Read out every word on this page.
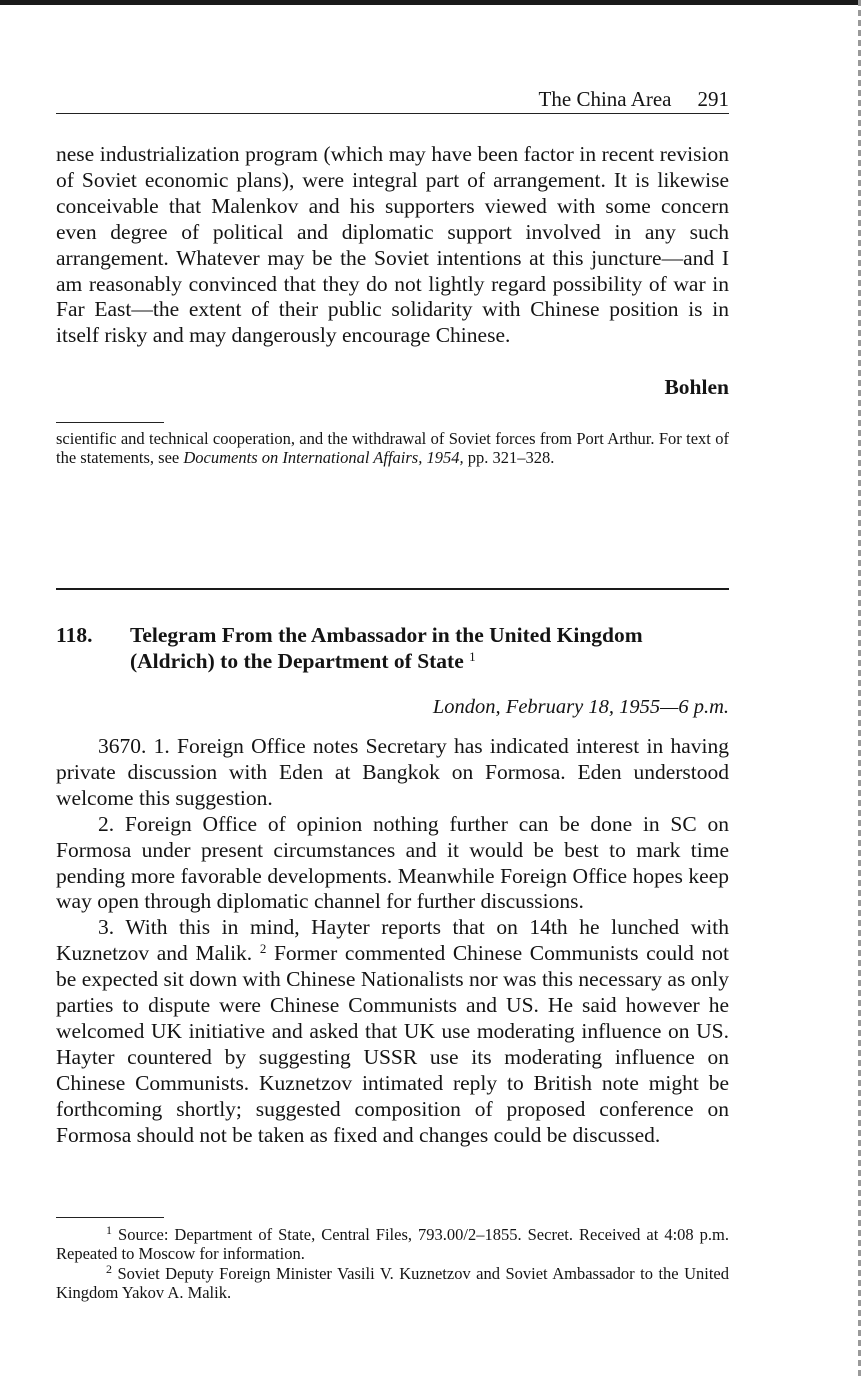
The China Area 291

nese industrialization program (which may have been factor in recent revision of Soviet economic plans), were integral part of arrangement. It is likewise conceivable that Malenkov and his supporters viewed with some concern even degree of political and diplomatic support involved in any such arrangement. Whatever may be the Soviet intentions at this juncture—and I am reasonably convinced that they do not lightly regard possibility of war in Far East—the extent of their public solidarity with Chinese position is in itself risky and may dangerously encourage Chinese.

Bohlen

scientific and technical cooperation, and the withdrawal of Soviet forces from Port Arthur. For text of the statements, see Documents on International Affairs, 1954, pp. 321–328.

118. Telegram From the Ambassador in the United Kingdom (Aldrich) to the Department of State $^1$
London, February 18, 1955—6 p.m.

3670. 1. Foreign Office notes Secretary has indicated interest in having private discussion with Eden at Bangkok on Formosa. Eden understood welcome this suggestion.

2. Foreign Office of opinion nothing further can be done in SC on Formosa under present circumstances and it would be best to mark time pending more favorable developments. Meanwhile Foreign Office hopes keep way open through diplomatic channel for further discussions.

3. With this in mind, Hayter reports that on 14th he lunched with Kuznetzov and Malik. $^2$ Former commented Chinese Communists could not be expected sit down with Chinese Nationalists nor was this necessary as only parties to dispute were Chinese Communists and US. He said however he welcomed UK initiative and asked that UK use moderating influence on US. Hayter countered by suggesting USSR use its moderating influence on Chinese Communists. Kuznetzov intimated reply to British note might be forthcoming shortly; suggested composition of proposed conference on Formosa should not be taken as fixed and changes could be discussed.

$^1$ Source: Department of State, Central Files, 793.00/2–1855. Secret. Received at 4:08 p.m. Repeated to Moscow for information.

$^2$ Soviet Deputy Foreign Minister Vasili V. Kuznetzov and Soviet Ambassador to the United Kingdom Yakov A. Malik.
